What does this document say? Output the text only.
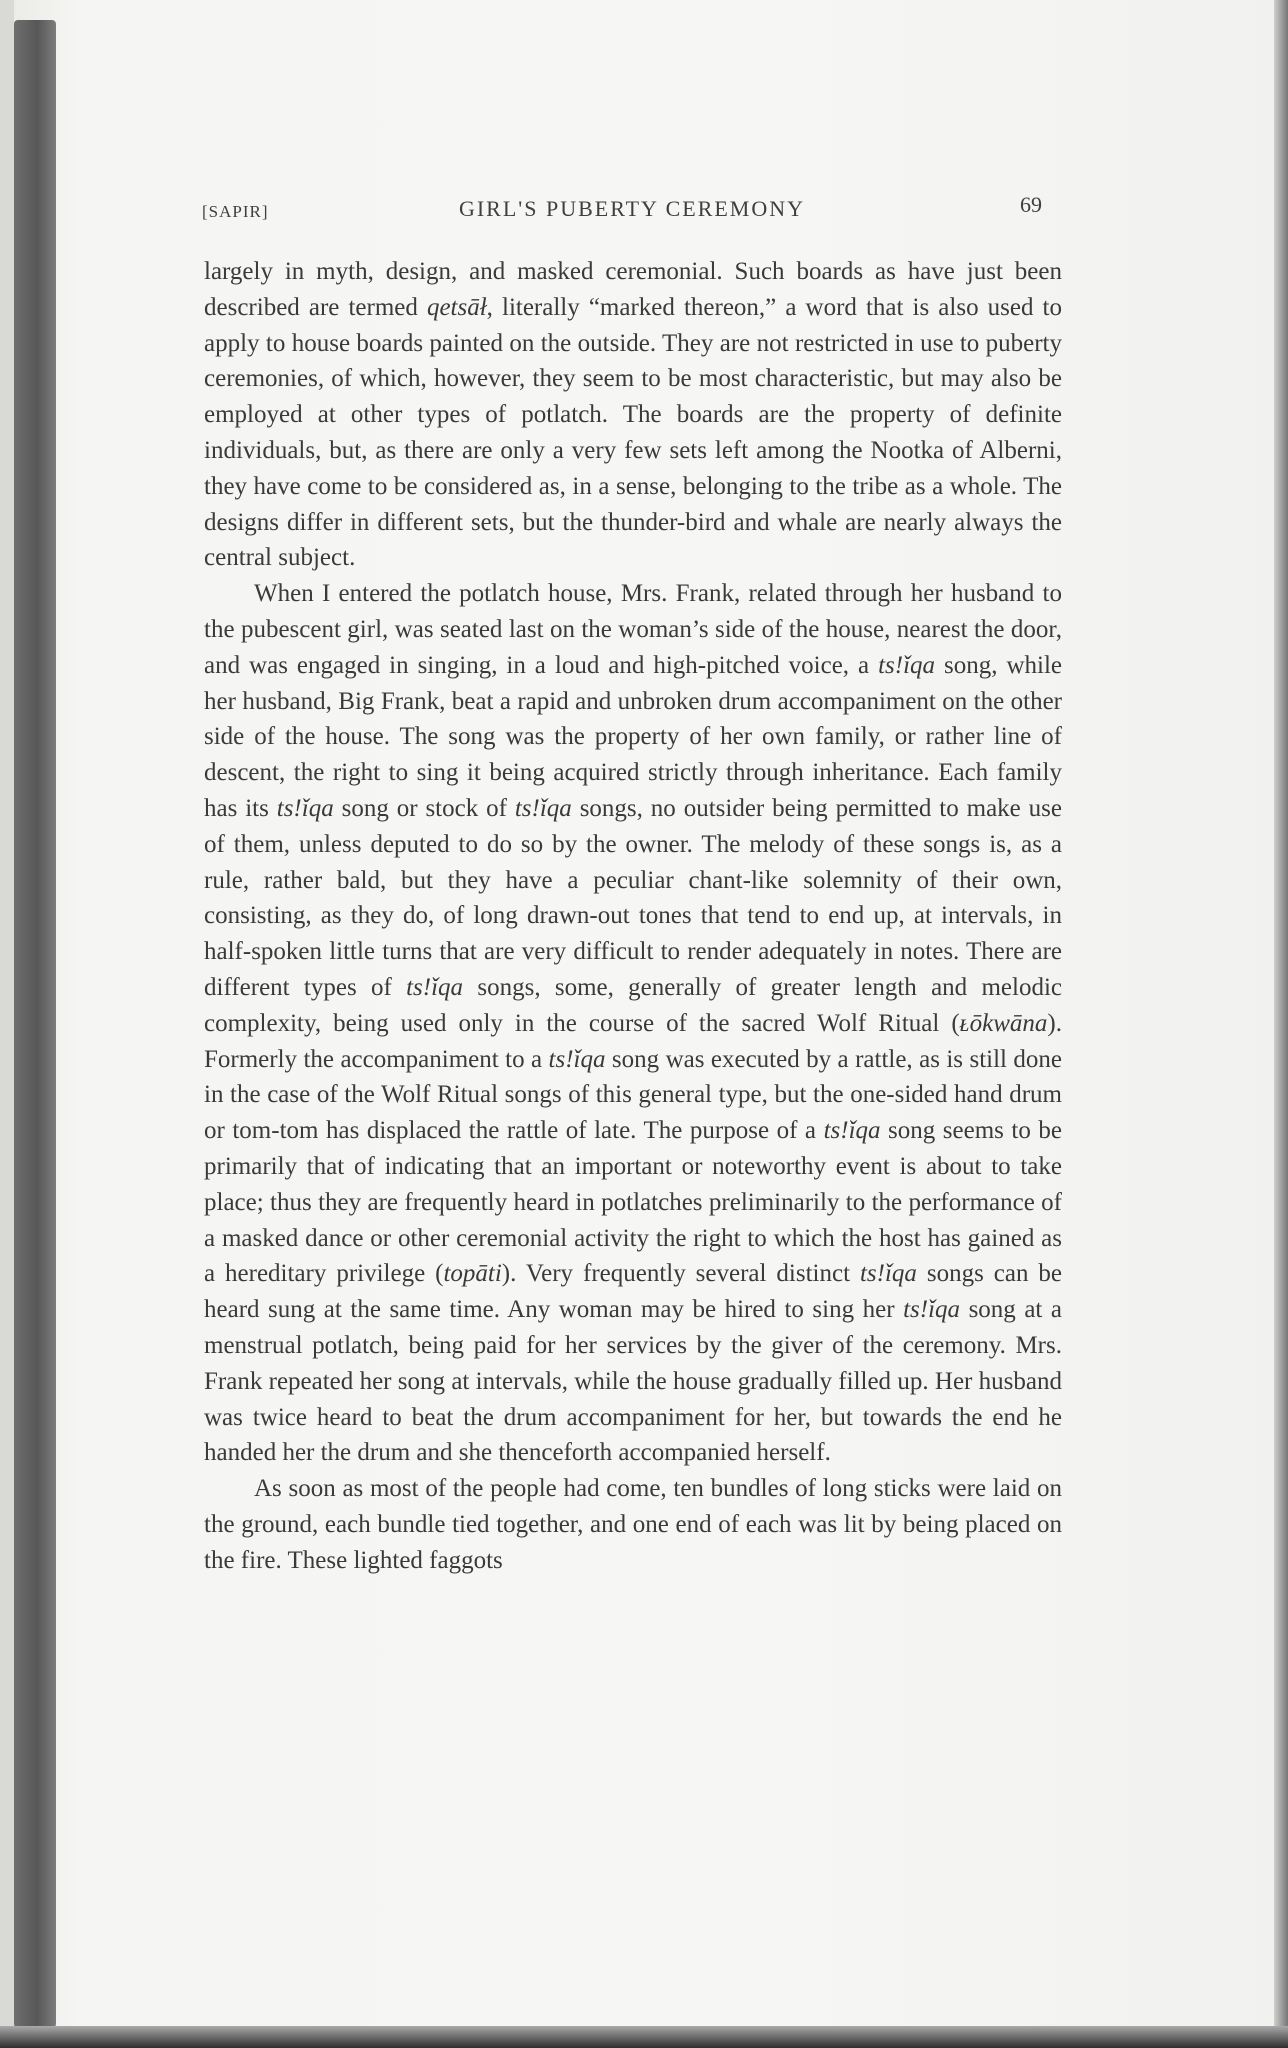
[SAPIR]	GIRL'S PUBERTY CEREMONY	69

largely in myth, design, and masked ceremonial. Such boards as have just been described are termed qetsāł, literally “marked thereon,” a word that is also used to apply to house boards painted on the outside. They are not restricted in use to puberty ceremonies, of which, however, they seem to be most characteristic, but may also be employed at other types of potlatch. The boards are the property of definite individuals, but, as there are only a very few sets left among the Nootka of Alberni, they have come to be considered as, in a sense, belonging to the tribe as a whole. The designs differ in different sets, but the thunder-bird and whale are nearly always the central subject.

When I entered the potlatch house, Mrs. Frank, related through her husband to the pubescent girl, was seated last on the woman’s side of the house, nearest the door, and was engaged in singing, in a loud and high-pitched voice, a ts!ǐqa song, while her husband, Big Frank, beat a rapid and unbroken drum accompaniment on the other side of the house. The song was the property of her own family, or rather line of descent, the right to sing it being acquired strictly through inheritance. Each family has its ts!ǐqa song or stock of ts!ǐqa songs, no outsider being permitted to make use of them, unless deputed to do so by the owner. The melody of these songs is, as a rule, rather bald, but they have a peculiar chant-like solemnity of their own, consisting, as they do, of long drawn-out tones that tend to end up, at intervals, in half-spoken little turns that are very difficult to render adequately in notes. There are different types of ts!ǐqa songs, some, generally of greater length and melodic complexity, being used only in the course of the sacred Wolf Ritual (ᴌōkwāna). Formerly the accompaniment to a ts!ǐqa song was executed by a rattle, as is still done in the case of the Wolf Ritual songs of this general type, but the one-sided hand drum or tom-tom has displaced the rattle of late. The purpose of a ts!ǐqa song seems to be primarily that of indicating that an important or noteworthy event is about to take place; thus they are frequently heard in potlatches preliminarily to the performance of a masked dance or other ceremonial activity the right to which the host has gained as a hereditary privilege (topāti). Very frequently several distinct ts!ǐqa songs can be heard sung at the same time. Any woman may be hired to sing her ts!ǐqa song at a menstrual potlatch, being paid for her services by the giver of the ceremony. Mrs. Frank repeated her song at intervals, while the house gradually filled up. Her husband was twice heard to beat the drum accompaniment for her, but towards the end he handed her the drum and she thenceforth accompanied herself.

As soon as most of the people had come, ten bundles of long sticks were laid on the ground, each bundle tied together, and one end of each was lit by being placed on the fire. These lighted faggots
